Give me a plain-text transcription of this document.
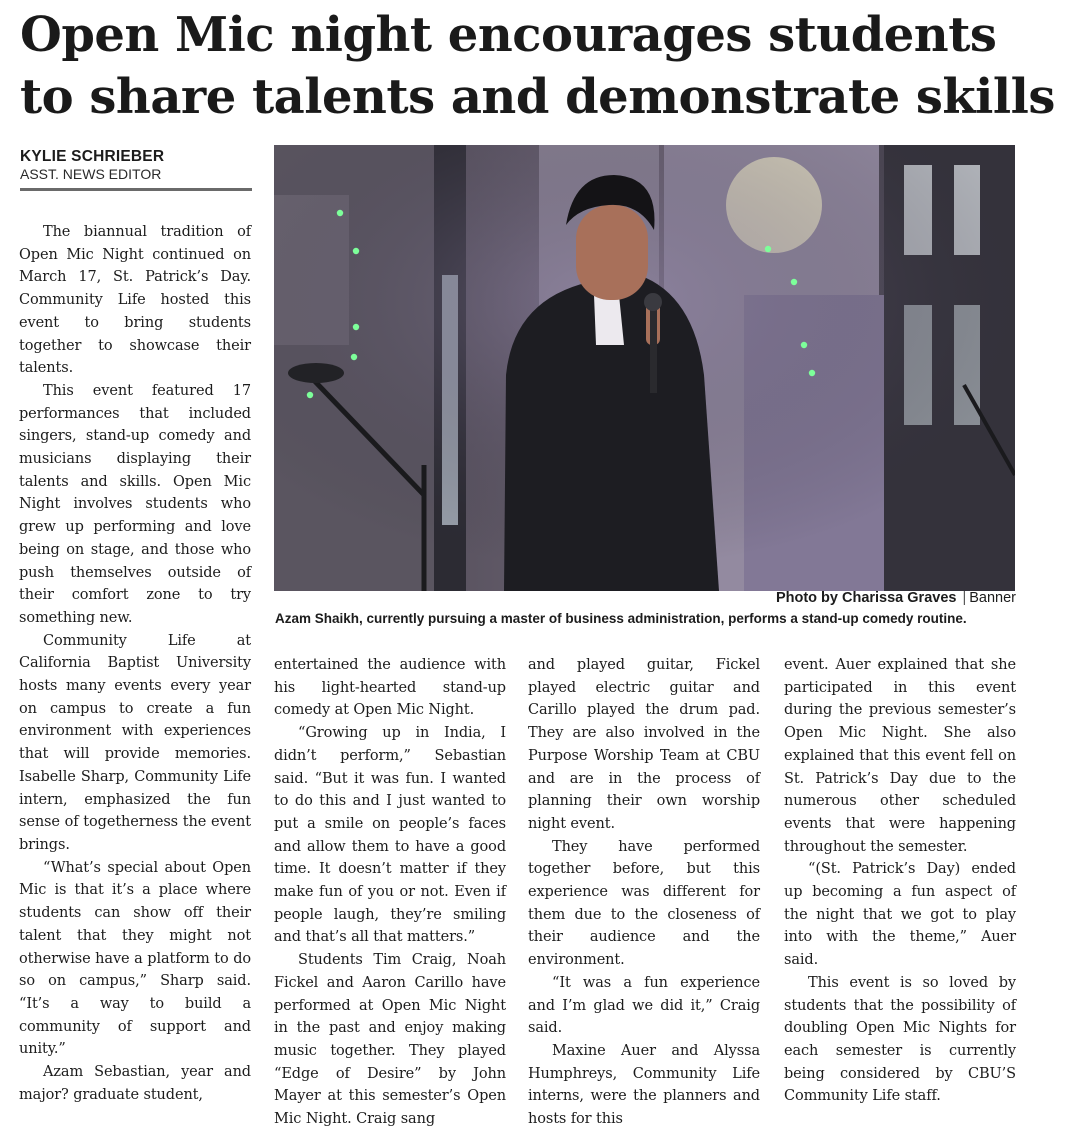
Open Mic night encourages students to share talents and demonstrate skills
KYLIE SCHRIEBER
ASST. NEWS EDITOR

The biannual tradition of Open Mic Night continued on March 17, St. Patrick’s Day. Community Life hosted this event to bring students together to showcase their talents.

This event featured 17 performances that included singers, stand-up comedy and musicians displaying their talents and skills. Open Mic Night involves students who grew up performing and love being on stage, and those who push themselves outside of their comfort zone to try something new.

Community Life at California Baptist University hosts many events every year on campus to create a fun environment with experiences that will provide memories. Isabelle Sharp, Community Life intern, emphasized the fun sense of togetherness the event brings.

“What’s special about Open Mic is that it’s a place where students can show off their talent that they might not otherwise have a platform to do so on campus,” Sharp said. “It’s a way to build a community of support and unity.”

Azam Sebastian, year and major? graduate student,

Photo by Charissa Graves | Banner
Azam Shaikh, currently pursuing a master of business administration, performs a stand-up comedy routine.

entertained the audience with his light-hearted stand-up comedy at Open Mic Night.

“Growing up in India, I didn’t perform,” Sebastian said. “But it was fun. I wanted to do this and I just wanted to put a smile on people’s faces and allow them to have a good time. It doesn’t matter if they make fun of you or not. Even if people laugh, they’re smiling and that’s all that matters.”

Students Tim Craig, Noah Fickel and Aaron Carillo have performed at Open Mic Night in the past and enjoy making music together. They played “Edge of Desire” by John Mayer at this semester’s Open Mic Night. Craig sang

and played guitar, Fickel played electric guitar and Carillo played the drum pad. They are also involved in the Purpose Worship Team at CBU and are in the process of planning their own worship night event.

They have performed together before, but this experience was different for them due to the closeness of their audience and the environment.

“It was a fun experience and I’m glad we did it,” Craig said.

Maxine Auer and Alyssa Humphreys, Community Life interns, were the planners and hosts for this

event. Auer explained that she participated in this event during the previous semester’s Open Mic Night. She also explained that this event fell on St. Patrick’s Day due to the numerous other scheduled events that were happening throughout the semester.

“(St. Patrick’s Day) ended up becoming a fun aspect of the night that we got to play into with the theme,” Auer said.

This event is so loved by students that the possibility of doubling Open Mic Nights for each semester is currently being considered by CBU’S Community Life staff.
